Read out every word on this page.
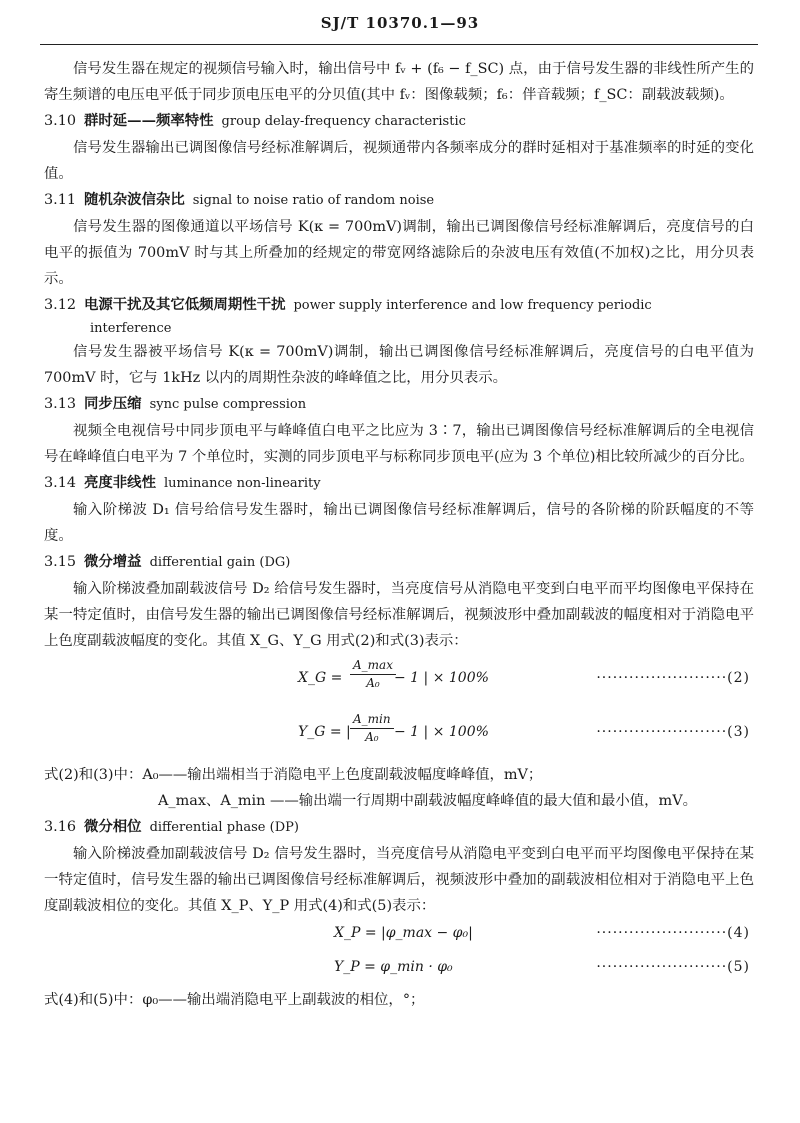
SJ/T 10370.1—93

信号发生器在规定的视频信号输入时，输出信号中 fᵥ + (f₆ − f_SC) 点，由于信号发生器的非线性所产生的寄生频谱的电压电平低于同步顶电压电平的分贝值(其中 fᵥ：图像载频；f₆：伴音载频；f_SC：副载波载频)。

3.10 群时延——频率特性 group delay-frequency characteristic

信号发生器输出已调图像信号经标准解调后，视频通带内各频率成分的群时延相对于基准频率的时延的变化值。

3.11 随机杂波信杂比 signal to noise ratio of random noise

信号发生器的图像通道以平场信号 K(κ = 700mV)调制，输出已调图像信号经标准解调后，亮度信号的白电平的振值为 700mV 时与其上所叠加的经规定的带宽网络滤除后的杂波电压有效值(不加权)之比，用分贝表示。

3.12 电源干扰及其它低频周期性干扰 power supply interference and low frequency periodic
interference

信号发生器被平场信号 K(κ = 700mV)调制，输出已调图像信号经标准解调后，亮度信号的白电平值为 700mV 时，它与 1kHz 以内的周期性杂波的峰峰值之比，用分贝表示。

3.13 同步压缩 sync pulse compression

视频全电视信号中同步顶电平与峰峰值白电平之比应为 3∶7，输出已调图像信号经标准解调后的全电视信号在峰峰值白电平为 7 个单位时，实测的同步顶电平与标称同步顶电平(应为 3 个单位)相比较所减少的百分比。

3.14 亮度非线性 luminance non-linearity

输入阶梯波 D₁ 信号给信号发生器时，输出已调图像信号经标准解调后，信号的各阶梯的阶跃幅度的不等度。

3.15 微分增益 differential gain (DG)

输入阶梯波叠加副载波信号 D₂ 给信号发生器时，当亮度信号从消隐电平变到白电平而平均图像电平保持在某一特定值时，由信号发生器的输出已调图像信号经标准解调后，视频波形中叠加副载波的幅度相对于消隐电平上色度副载波幅度的变化。其值 X_G、Y_G 用式(2)和式(3)表示：

X_G =
A_max
A₀	− 1 | × 100%	························(2)
Y_G = |
A_min
A₀	− 1 | × 100%	························(3)

式(2)和(3)中：A₀——输出端相当于消隐电平上色度副载波幅度峰峰值，mV；

A_max、A_min ——输出端一行周期中副载波幅度峰峰值的最大值和最小值，mV。

3.16 微分相位 differential phase (DP)

输入阶梯波叠加副载波信号 D₂ 信号发生器时，当亮度信号从消隐电平变到白电平而平均图像电平保持在某一特定值时，信号发生器的输出已调图像信号经标准解调后，视频波形中叠加的副载波相位相对于消隐电平上色度副载波相位的变化。其值 X_P、Y_P 用式(4)和式(5)表示：

X_P = |φ_max − φ₀|	························(4)
Y_P = φ_min · φ₀	························(5)

式(4)和(5)中：φ₀——输出端消隐电平上副载波的相位，°；
